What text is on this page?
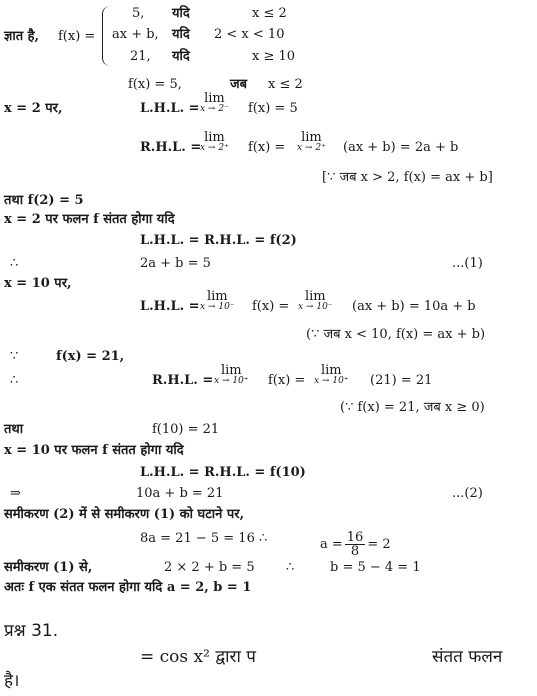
ज्ञात है, f(x) =
5, यदि	x ≤ 2
ax + b, यदि 2 < x < 10
21, यदि	x ≥ 10
f(x) = 5,	जब x ≤ 2
x = 2 पर,	L.H.L. =
lim
x → 2⁻ f(x) = 5
R.H.L. =
lim
x → 2⁺ f(x) =
lim
x → 2⁺ (ax + b) = 2a + b
[∵ जब x > 2, f(x) = ax + b]
तथा f(2) = 5
x = 2 पर फलन f संतत होगा यदि
L.H.L. = R.H.L. = f(2)
∴	2a + b = 5	...(1)
x = 10 पर,
L.H.L. =
lim
x → 10⁻ f(x) =
lim
x → 10⁻ (ax + b) = 10a + b
(∵ जब x < 10, f(x) = ax + b)
∵	f(x) = 21,
∴	R.H.L. =
lim
x → 10⁺ f(x) =
lim
x → 10⁺ (21) = 21
(∵ f(x) = 21, जब x ≥ 0)
तथा	f(10) = 21
x = 10 पर फलन f संतत होगा यदि
L.H.L. = R.H.L. = f(10)
⇒	10a + b = 21	...(2)
समीकरण (2) में से समीकरण (1) को घटाने पर,
8a = 21 − 5 = 16 ∴	$a = \frac{16}{8} = 2$
समीकरण (1) से,	2 × 2 + b = 5 ∴	b = 5 − 4 = 1
अतः f एक संतत फलन होगा यदि a = 2, b = 1
प्रश्न 31.
= cos x² द्वारा प	संतत फलन
है।
